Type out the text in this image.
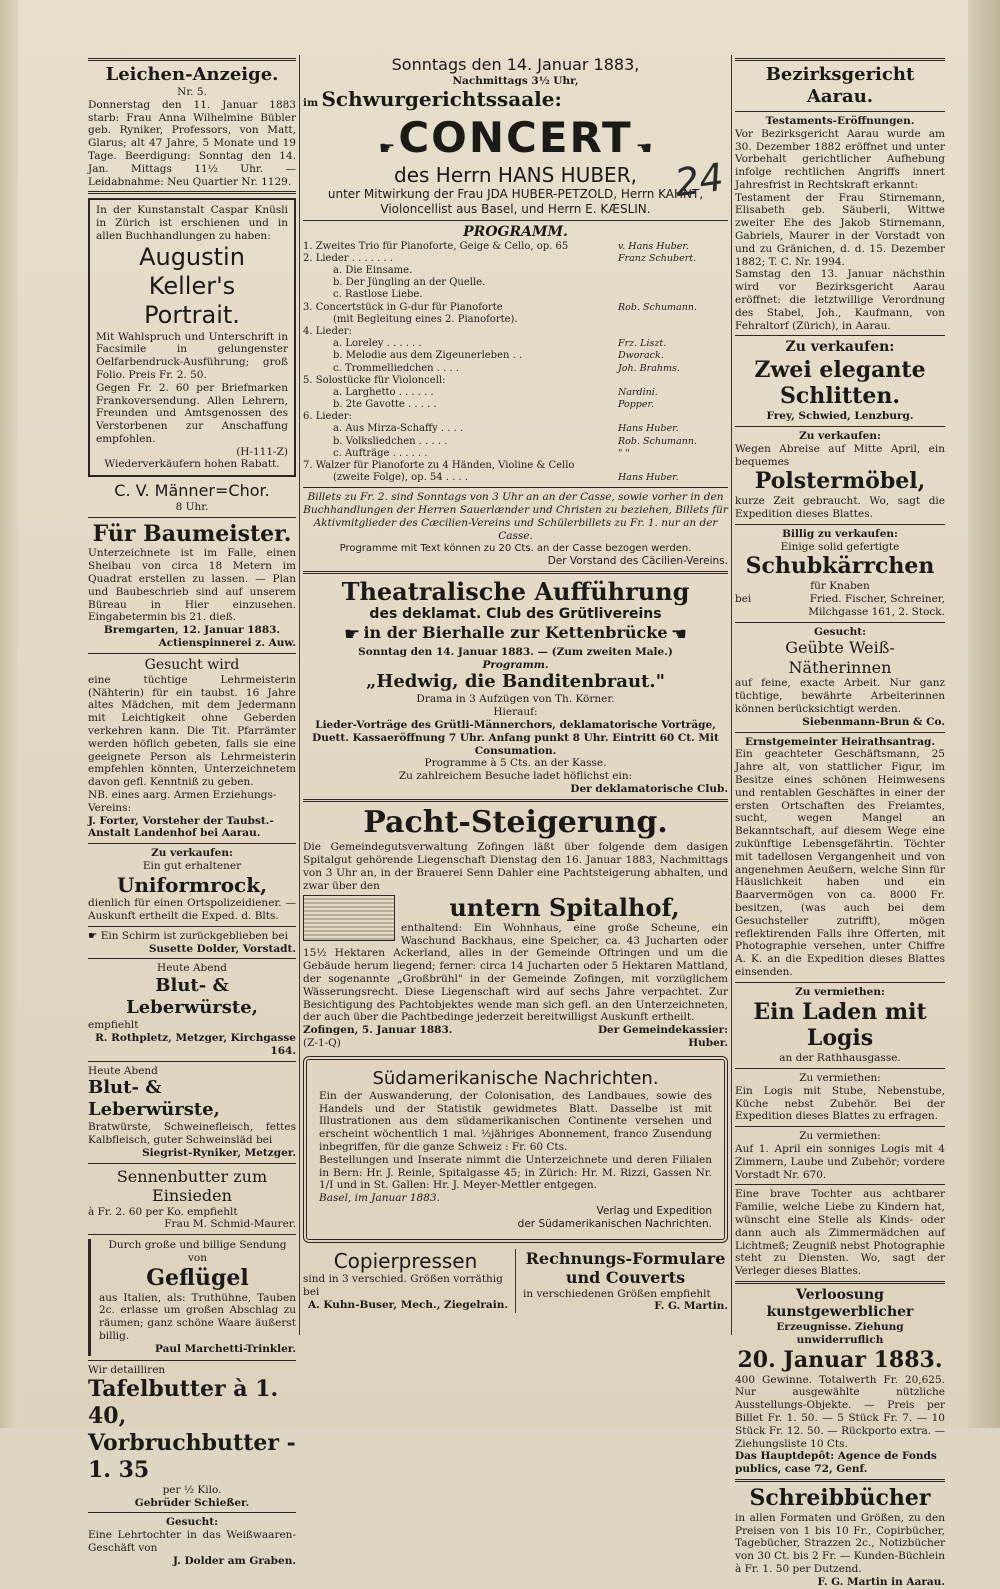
Leichen-Anzeige.
Nr. 5.

Donnerstag den 11. Januar 1883 starb: Frau Anna Wilhelmine Bübler geb. Ryniker, Professors, von Matt, Glarus; alt 47 Jahre, 5 Monate und 19 Tage. Beerdigung: Sonntag den 14. Jan. Mittags 11½ Uhr. — Leidabnahme: Neu Quartier Nr. 1129.

In der Kunstanstalt Caspar Knüsli in Zürich ist erschienen und in allen Buchhandlungen zu haben:

Augustin Keller's
Portrait.

Mit Wahlspruch und Unterschrift in Facsimile in gelungenster Oelfarbendruck-Ausführung; groß Folio. Preis Fr. 2. 50.

Gegen Fr. 2. 60 per Briefmarken Frankoversendung. Allen Lehrern, Freunden und Amtsgenossen des Verstorbenen zur Anschaffung empfohlen.

(H-111-Z)
Wiederverkäufern hohen Rabatt.
C. V. Männer=Chor.
8 Uhr.
Für Baumeister.

Unterzeichnete ist im Falle, einen Sheibau von circa 18 Metern im Quadrat erstellen zu lassen. — Plan und Baubeschrieb sind auf unserem Büreau in Hier einzusehen. Eingabetermin bis 21. dieß.

Bremgarten, 12. Januar 1883.
Actienspinnerei z. Auw.
Gesucht wird

eine tüchtige Lehrmeisterin (Nähterin) für ein taubst. 16 Jahre altes Mädchen, mit dem Jedermann mit Leichtigkeit ohne Geberden verkehren kann. Die Tit. Pfarrämter werden höflich gebeten, falls sie eine geeignete Person als Lehrmeisterin empfehlen könnten, Unterzeichnetem davon gefl. Kenntniß zu geben.

NB. eines aarg. Armen Erziehungs-Vereins:

J. Forter, Vorsteher der Taubst.-Anstalt Landenhof bei Aarau.

Zu verkaufen:
Ein gut erhaltener
Uniformrock,

dienlich für einen Ortspolizeidiener. — Auskunft ertheilt die Exped. d. Blts.

☛ Ein Schirm ist zurückgeblieben bei

Susette Dolder, Vorstadt.
Heute Abend
Blut- & Leberwürste,

empfiehlt

R. Rothpletz, Metzger, Kirchgasse 164.
Heute Abend
Blut- & Leberwürste,

Bratwürste, Schweinefleisch, fettes Kalbfleisch, guter Schweinsläd bei

Siegrist-Ryniker, Metzger.
Sennenbutter zum Einsieden

à Fr. 2. 60 per Ko. empfiehlt

Frau M. Schmid-Maurer.

Durch große und billige Sendung von

Geflügel

aus Italien, als: Truthühne, Tauben 2c. erlasse um großen Abschlag zu räumen; ganz schöne Waare äußerst billig.

Paul Marchetti-Trinkler.
Wir detailliren
Tafelbutter à 1. 40,
Vorbruchbutter - 1. 35
per ½ Kilo.
Gebrüder Schießer.
Gesucht:

Eine Lehrtochter in das Weißwaaren-Geschäft von

J. Dolder am Graben.
Sonntags den 14. Januar 1883,
Nachmittags 3½ Uhr,
im Schwurgerichtssaale:
☛ CONCERT ☚
des Herrn HANS HUBER,

unter Mitwirkung der Frau JDA HUBER-PETZOLD, Herrn KAHNT, Violoncellist aus Basel, und Herrn E. KÆSLIN.

PROGRAMM.
1. Zweites Trio für Pianoforte, Geige & Cello, op. 65	v. Hans Huber.
2. Lieder . . . . . . .	Franz Schubert.
a. Die Einsame.
b. Der Jüngling an der Quelle.
c. Rastlose Liebe.
3. Concertstück in G-dur für Pianoforte	Rob. Schumann.
(mit Begleitung eines 2. Pianoforte).
4. Lieder:
a. Loreley . . . . . .	Frz. Liszt.
b. Melodie aus dem Zigeunerleben . .	Dworack.
c. Trommelliedchen . . . .	Joh. Brahms.
5. Solostücke für Violoncell:
a. Larghetto . . . . . .	Nardini.
b. 2te Gavotte . . . . .	Popper.
6. Lieder:
a. Aus Mirza-Schaffy . . . .	Hans Huber.
b. Volksliedchen . . . . .	Rob. Schumann.
c. Aufträge . . . . . .	" "
7. Walzer für Pianoforte zu 4 Händen, Violine & Cello
(zweite Folge), op. 54 . . . .	Hans Huber.

Billets zu Fr. 2. sind Sonntags von 3 Uhr an an der Casse, sowie vorher in den Buchhandlungen der Herren Sauerlænder und Christen zu beziehen, Billets für Aktivmitglieder des Cæcilien-Vereins und Schülerbillets zu Fr. 1. nur an der Casse.

Programme mit Text können zu 20 Cts. an der Casse bezogen werden.

Der Vorstand des Cäcilien-Vereins.
Theatralische Aufführung
des deklamat. Club des Grütlivereins
☛ in der Bierhalle zur Kettenbrücke ☚
Sonntag den 14. Januar 1883. — (Zum zweiten Male.)
Programm.
„Hedwig, die Banditenbraut."
Drama in 3 Aufzügen von Th. Körner.
Hierauf:

Lieder-Vorträge des Grütli-Männerchors, deklamatorische Vorträge, Duett. Kassaeröffnung 7 Uhr. Anfang punkt 8 Uhr. Eintritt 60 Ct. Mit Consumation.

Programme à 5 Cts. an der Kasse.
Zu zahlreichem Besuche ladet höflichst ein:
Der deklamatorische Club.
Pacht-Steigerung.

Die Gemeindegutsverwaltung Zofingen läßt über folgende dem dasigen Spitalgut gehörende Liegenschaft Dienstag den 16. Januar 1883, Nachmittags von 3 Uhr an, in der Brauerei Senn Dahler eine Pachtsteigerung abhalten, und zwar über den

untern Spitalhof,

enthaltend: Ein Wohnhaus, eine große Scheune, ein Waschund Backhaus, eine Speicher, ca. 43 Jucharten oder 15½ Hektaren Ackerland, alles in der Gemeinde Oftringen und um die Gebäude herum liegend; ferner: circa 14 Jucharten oder 5 Hektaren Mattland, der sogenannte „Großbrühl" in der Gemeinde Zofingen, mit vorzüglichem Wässerungsrecht. Diese Liegenschaft wird auf sechs Jahre verpachtet. Zur Besichtigung des Pachtobjektes wende man sich gefl. an den Unterzeichneten, der auch über die Pachtbedinge jederzeit bereitwilligst Auskunft ertheilt.

Zofingen, 5. Januar 1883.	Der Gemeindekassier:
(Z-1-Q)	Huber.
Südamerikanische Nachrichten.

Ein der Auswanderung, der Colonisation, des Landbaues, sowie des Handels und der Statistik gewidmetes Blatt. Dasselbe ist mit Illustrationen aus dem südamerikanischen Continente versehen und erscheint wöchentlich 1 mal. ½jähriges Abonnement, franco Zusendung inbegriffen, für die ganze Schweiz : Fr. 60 Cts.

Bestellungen und Inserate nimmt die Unterzeichnete und deren Filialen in Bern: Hr. J. Reinle, Spitalgasse 45; in Zürich: Hr. M. Rizzi, Gassen Nr. 1/I und in St. Gallen: Hr. J. Meyer-Mettler entgegen.

Basel, im Januar 1883.
Verlag und Expedition
der Südamerikanischen Nachrichten.
Copierpressen

sind in 3 verschied. Größen vorräthig bei

A. Kuhn-Buser, Mech., Ziegelrain.
Rechnungs-Formulare
und Couverts

in verschiedenen Größen empfiehlt

F. G. Martin.
24
Bezirksgericht Aarau.
Testaments-Eröffnungen.

Vor Bezirksgericht Aarau wurde am 30. Dezember 1882 eröffnet und unter Vorbehalt gerichtlicher Aufhebung infolge rechtlichen Angriffs innert Jahresfrist in Rechtskraft erkannt:

Testament der Frau Stirnemann, Elisabeth geb. Säuberli, Wittwe zweiter Ehe des Jakob Stirnemann, Gabriels, Maurer in der Vorstadt von und zu Gränichen, d. d. 15. Dezember 1882; T. C. Nr. 1994.

Samstag den 13. Januar nächsthin wird vor Bezirksgericht Aarau eröffnet: die letztwillige Verordnung des Stabel, Joh., Kaufmann, von Fehraltorf (Zürich), in Aarau.

Zu verkaufen:
Zwei elegante Schlitten.
Frey, Schwied, Lenzburg.
Zu verkaufen:

Wegen Abreise auf Mitte April, ein bequemes

Polstermöbel,

kurze Zeit gebraucht. Wo, sagt die Expedition dieses Blattes.

Billig zu verkaufen:
Einige solid gefertigte
Schubkärrchen
für Knaben
bei	Fried. Fischer, Schreiner, Milchgasse 161, 2. Stock.
Gesucht:
Geübte Weiß-Nätherinnen

auf feine, exacte Arbeit. Nur ganz tüchtige, bewährte Arbeiterinnen können berücksichtigt werden.

Siebenmann-Brun & Co.
Ernstgemeinter Heirathsantrag.

Ein geachteter Geschäftsmann, 25 Jahre alt, von stattlicher Figur, im Besitze eines schönen Heimwesens und rentablen Geschäftes in einer der ersten Ortschaften des Freiamtes, sucht, wegen Mangel an Bekanntschaft, auf diesem Wege eine zukünftige Lebensgefährtin. Töchter mit tadellosen Vergangenheit und von angenehmen Aeußern, welche Sinn für Häuslichkeit haben und ein Baarvermögen von ca. 8000 Fr. besitzen, (was auch bei dem Gesuchsteller zutrifft), mögen reflektirenden Falls ihre Offerten, mit Photographie versehen, unter Chiffre A. K. an die Expedition dieses Blattes einsenden.

Zu vermiethen:
Ein Laden mit Logis
an der Rathhausgasse.
Zu vermiethen:

Ein Logis mit Stube, Nebenstube, Küche nebst Zubehör. Bei der Expedition dieses Blattes zu erfragen.

Zu vermiethen:

Auf 1. April ein sonniges Logis mit 4 Zimmern, Laube und Zubehör; vordere Vorstadt Nr. 670.

Eine brave Tochter aus achtbarer Familie, welche Liebe zu Kindern hat, wünscht eine Stelle als Kinds- oder dann auch als Zimmermädchen auf Lichtmeß; Zeugniß nebst Photographie steht zu Diensten. Wo, sagt der Verleger dieses Blattes.

Verloosung kunstgewerblicher
Erzeugnisse. Ziehung unwiderruflich
20. Januar 1883.

400 Gewinne. Totalwerth Fr. 20,625. Nur ausgewählte nützliche Ausstellungs-Objekte. — Preis per Billet Fr. 1. 50. — 5 Stück Fr. 7. — 10 Stück Fr. 12. 50. — Rückporto extra. — Ziehungsliste 10 Cts.

Das Hauptdepôt: Agence de Fonds publics, case 72, Genf.

Schreibbücher

in allen Formaten und Größen, zu den Preisen von 1 bis 10 Fr., Copirbücher, Tagebücher, Strazzen 2c., Notizbücher von 30 Ct. bis 2 Fr. — Kunden-Büchlein à Fr. 1. 50 per Dutzend.

F. G. Martin in Aarau.
